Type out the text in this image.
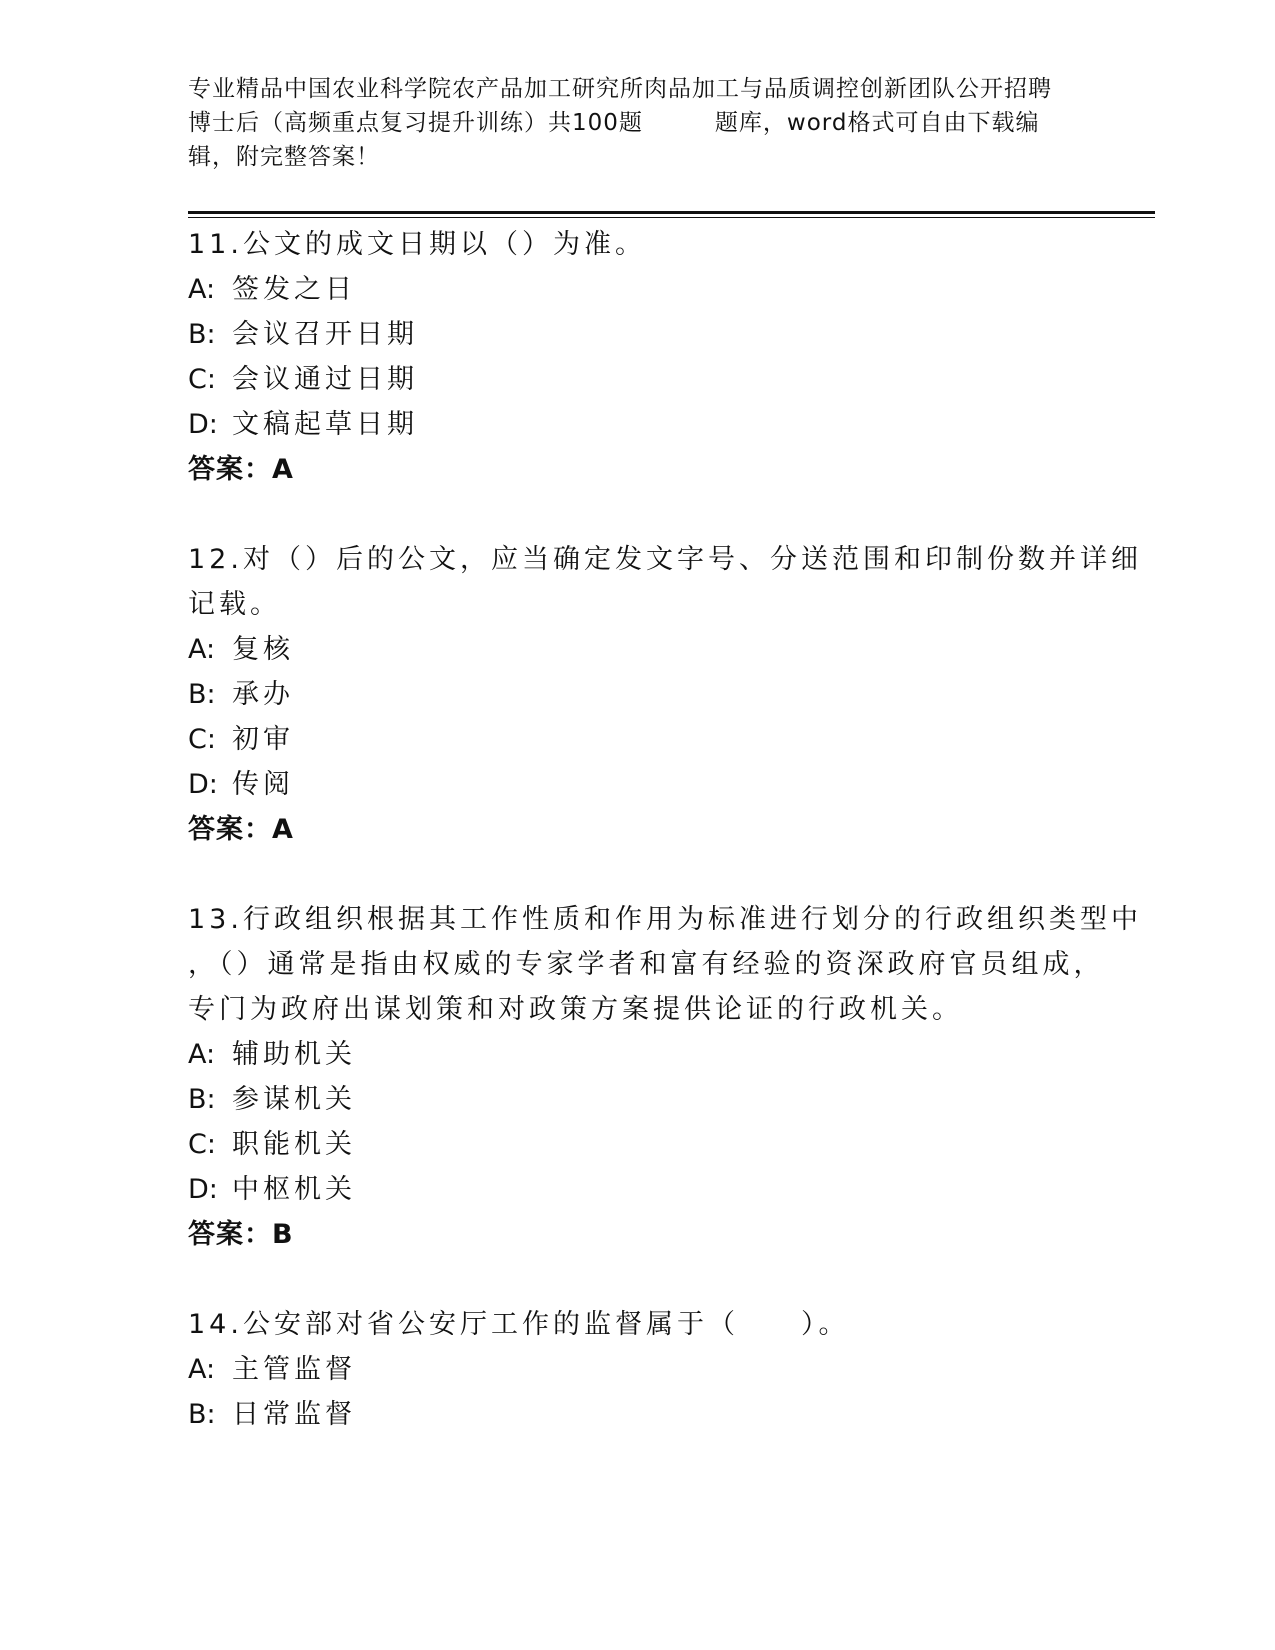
专业精品中国农业科学院农产品加工研究所肉品加工与品质调控创新团队公开招聘
博士后（高频重点复习提升训练）共100题	题库，word格式可自由下载编
辑，附完整答案！
11.公文的成文日期以（）为准。
A: 签发之日
B: 会议召开日期
C: 会议通过日期
D: 文稿起草日期
答案：A
12.对（）后的公文，应当确定发文字号、分送范围和印制份数并详细
记载。
A: 复核
B: 承办
C: 初审
D: 传阅
答案：A
13.行政组织根据其工作性质和作用为标准进行划分的行政组织类型中
，（）通常是指由权威的专家学者和富有经验的资深政府官员组成，
专门为政府出谋划策和对政策方案提供论证的行政机关。
A: 辅助机关
B: 参谋机关
C: 职能机关
D: 中枢机关
答案：B
14.公安部对省公安厅工作的监督属于（　　）。
A: 主管监督
B: 日常监督
